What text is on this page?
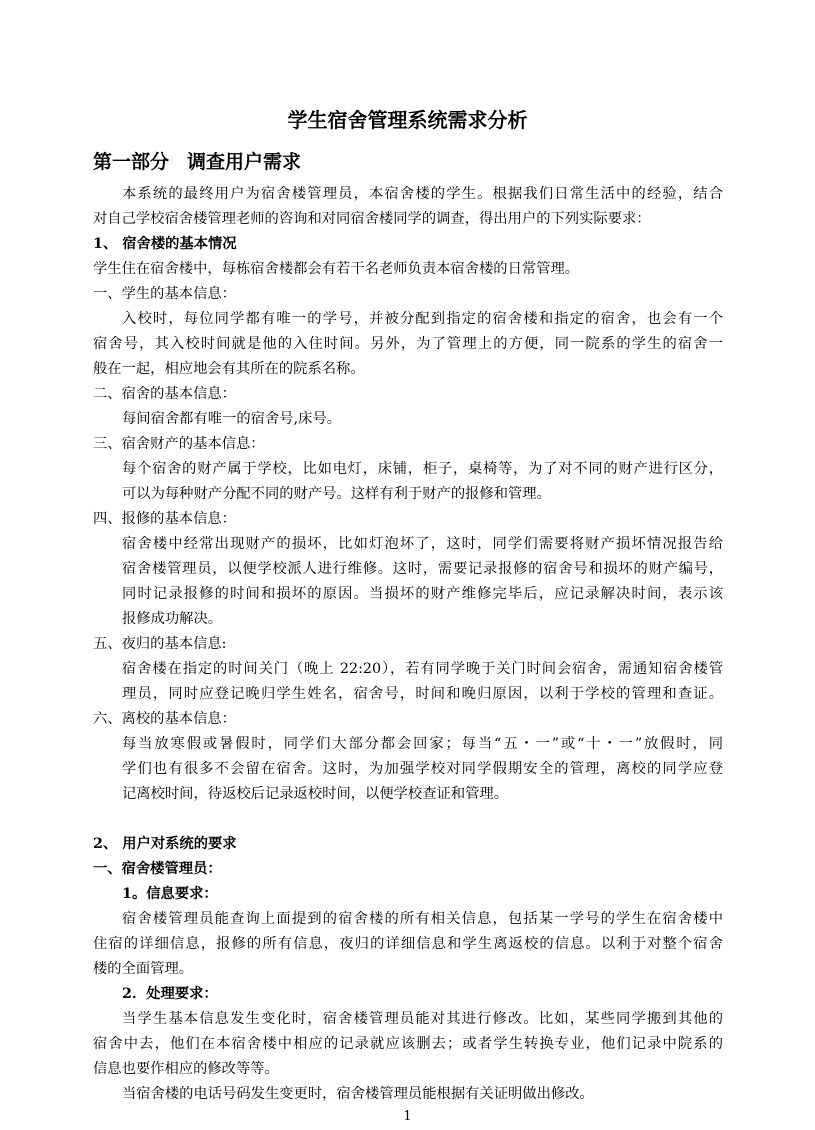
学生宿舍管理系统需求分析
第一部分 调查用户需求
本系统的最终用户为宿舍楼管理员，本宿舍楼的学生。根据我们日常生活中的经验，结合
对自己学校宿舍楼管理老师的咨询和对同宿舍楼同学的调查，得出用户的下列实际要求：
1、 宿舍楼的基本情况
学生住在宿舍楼中，每栋宿舍楼都会有若干名老师负责本宿舍楼的日常管理。
一、学生的基本信息：
入校时，每位同学都有唯一的学号，并被分配到指定的宿舍楼和指定的宿舍，也会有一个
宿舍号，其入校时间就是他的入住时间。另外，为了管理上的方便，同一院系的学生的宿舍一
般在一起，相应地会有其所在的院系名称。
二、宿舍的基本信息：
每间宿舍都有唯一的宿舍号,床号。
三、宿舍财产的基本信息：
每个宿舍的财产属于学校，比如电灯，床铺，柜子，桌椅等，为了对不同的财产进行区分，
可以为每种财产分配不同的财产号。这样有利于财产的报修和管理。
四、报修的基本信息：
宿舍楼中经常出现财产的损坏，比如灯泡坏了，这时，同学们需要将财产损坏情况报告给
宿舍楼管理员，以便学校派人进行维修。这时，需要记录报修的宿舍号和损坏的财产编号，
同时记录报修的时间和损坏的原因。当损坏的财产维修完毕后，应记录解决时间，表示该
报修成功解决。
五、夜归的基本信息:
宿舍楼在指定的时间关门（晚上 22:20），若有同学晚于关门时间会宿舍，需通知宿舍楼管
理员，同时应登记晚归学生姓名，宿舍号，时间和晚归原因，以利于学校的管理和查证。
六、离校的基本信息：
每当放寒假或暑假时，同学们大部分都会回家；每当“五・一”或“十・一”放假时，同
学们也有很多不会留在宿舍。这时，为加强学校对同学假期安全的管理，离校的同学应登
记离校时间，待返校后记录返校时间，以便学校查证和管理。
2、 用户对系统的要求
一、宿舍楼管理员：
1。信息要求：
宿舍楼管理员能查询上面提到的宿舍楼的所有相关信息，包括某一学号的学生在宿舍楼中
住宿的详细信息，报修的所有信息，夜归的详细信息和学生离返校的信息。以利于对整个宿舍
楼的全面管理。
2．处理要求：
当学生基本信息发生变化时，宿舍楼管理员能对其进行修改。比如，某些同学搬到其他的
宿舍中去，他们在本宿舍楼中相应的记录就应该删去；或者学生转换专业，他们记录中院系的
信息也要作相应的修改等等。
当宿舍楼的电话号码发生变更时，宿舍楼管理员能根据有关证明做出修改。
1
